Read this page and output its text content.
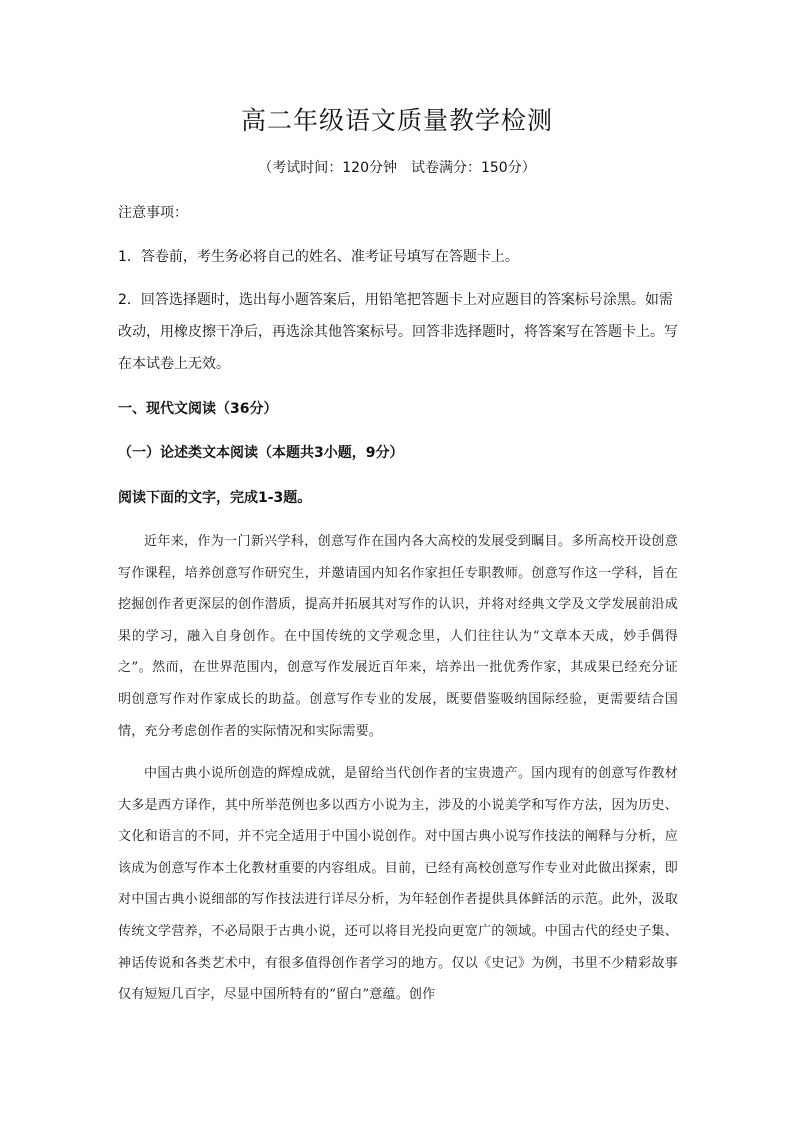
高二年级语文质量教学检测

（考试时间：120分钟　试卷满分：150分）

注意事项：

1．答卷前，考生务必将自己的姓名、准考证号填写在答题卡上。

2．回答选择题时，选出每小题答案后，用铅笔把答题卡上对应题目的答案标号涂黑。如需改动，用橡皮擦干净后，再选涂其他答案标号。回答非选择题时，将答案写在答题卡上。写在本试卷上无效。

一、现代文阅读（36分）

（一）论述类文本阅读（本题共3小题，9分）

阅读下面的文字，完成1-3题。

近年来，作为一门新兴学科，创意写作在国内各大高校的发展受到瞩目。多所高校开设创意写作课程，培养创意写作研究生，并邀请国内知名作家担任专职教师。创意写作这一学科，旨在挖掘创作者更深层的创作潜质，提高并拓展其对写作的认识，并将对经典文学及文学发展前沿成果的学习，融入自身创作。在中国传统的文学观念里，人们往往认为“文章本天成，妙手偶得之”。然而，在世界范围内，创意写作发展近百年来，培养出一批优秀作家，其成果已经充分证明创意写作对作家成长的助益。创意写作专业的发展，既要借鉴吸纳国际经验，更需要结合国情，充分考虑创作者的实际情况和实际需要。

中国古典小说所创造的辉煌成就，是留给当代创作者的宝贵遗产。国内现有的创意写作教材大多是西方译作，其中所举范例也多以西方小说为主，涉及的小说美学和写作方法，因为历史、文化和语言的不同，并不完全适用于中国小说创作。对中国古典小说写作技法的阐释与分析，应该成为创意写作本土化教材重要的内容组成。目前，已经有高校创意写作专业对此做出探索，即对中国古典小说细部的写作技法进行详尽分析，为年轻创作者提供具体鲜活的示范。此外，汲取传统文学营养，不必局限于古典小说，还可以将目光投向更宽广的领域。中国古代的经史子集、神话传说和各类艺术中，有很多值得创作者学习的地方。仅以《史记》为例，书里不少精彩故事仅有短短几百字，尽显中国所特有的“留白”意蕴。创作
